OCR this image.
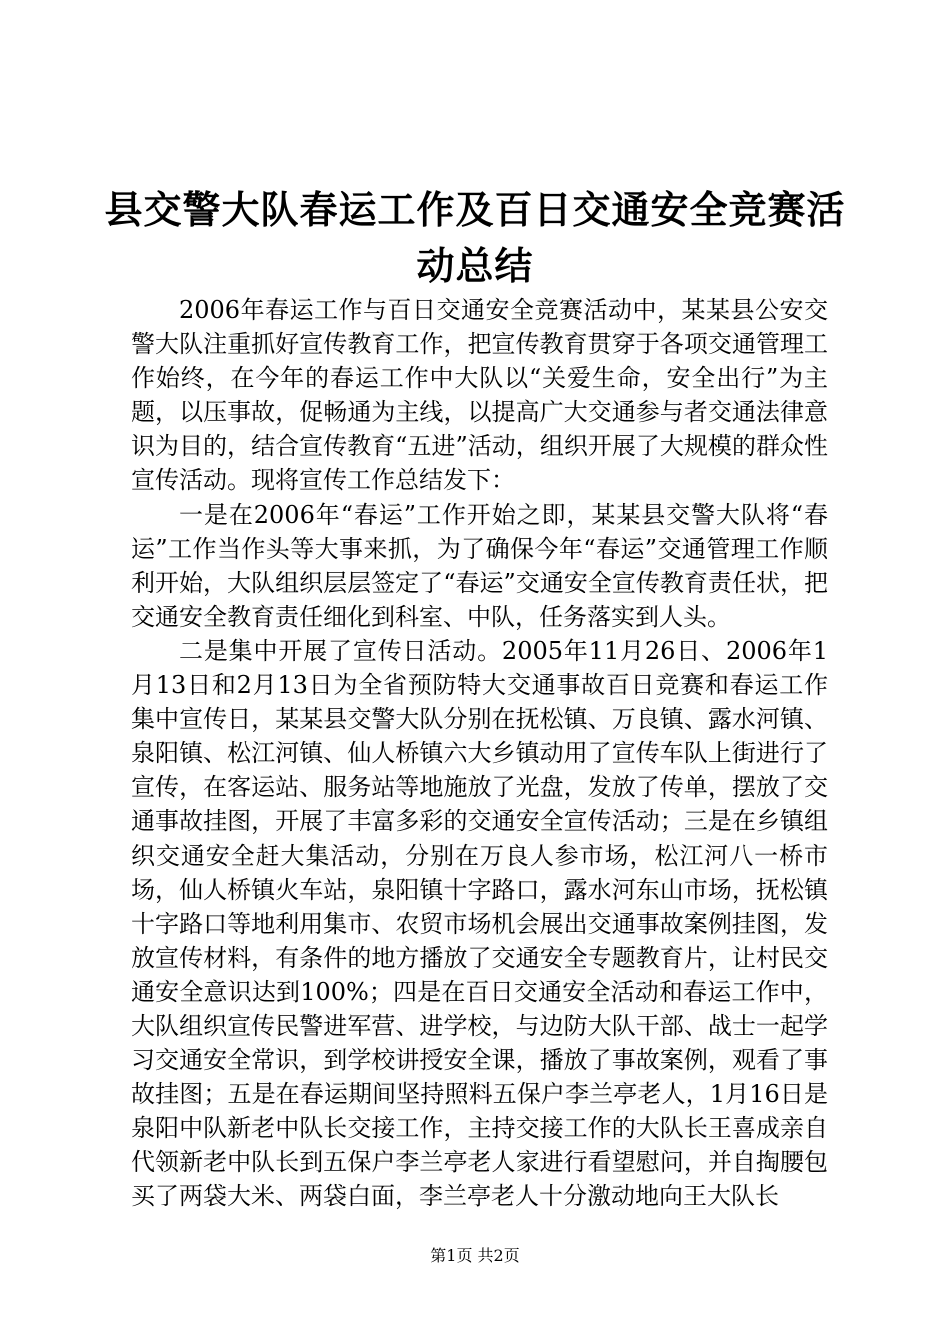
县交警大队春运工作及百日交通安全竞赛活动总结

2006年春运工作与百日交通安全竞赛活动中，某某县公安交警大队注重抓好宣传教育工作，把宣传教育贯穿于各项交通管理工作始终，在今年的春运工作中大队以“关爱生命，安全出行”为主题，以压事故，促畅通为主线，以提高广大交通参与者交通法律意识为目的，结合宣传教育“五进”活动，组织开展了大规模的群众性宣传活动。现将宣传工作总结发下：

一是在2006年“春运”工作开始之即，某某县交警大队将“春运”工作当作头等大事来抓，为了确保今年“春运”交通管理工作顺利开始，大队组织层层签定了“春运”交通安全宣传教育责任状，把交通安全教育责任细化到科室、中队，任务落实到人头。

二是集中开展了宣传日活动。2005年11月26日、2006年1月13日和2月13日为全省预防特大交通事故百日竞赛和春运工作集中宣传日，某某县交警大队分别在抚松镇、万良镇、露水河镇、泉阳镇、松江河镇、仙人桥镇六大乡镇动用了宣传车队上街进行了宣传，在客运站、服务站等地施放了光盘，发放了传单，摆放了交通事故挂图，开展了丰富多彩的交通安全宣传活动；三是在乡镇组织交通安全赶大集活动，分别在万良人参市场，松江河八一桥市场，仙人桥镇火车站，泉阳镇十字路口，露水河东山市场，抚松镇十字路口等地利用集市、农贸市场机会展出交通事故案例挂图，发放宣传材料，有条件的地方播放了交通安全专题教育片，让村民交通安全意识达到100%；四是在百日交通安全活动和春运工作中，大队组织宣传民警进军营、进学校，与边防大队干部、战士一起学习交通安全常识，到学校讲授安全课，播放了事故案例，观看了事故挂图；五是在春运期间坚持照料五保户李兰亭老人，1月16日是泉阳中队新老中队长交接工作，主持交接工作的大队长王喜成亲自代领新老中队长到五保户李兰亭老人家进行看望慰问，并自掏腰包买了两袋大米、两袋白面，李兰亭老人十分激动地向王大队长

第1页 共2页
